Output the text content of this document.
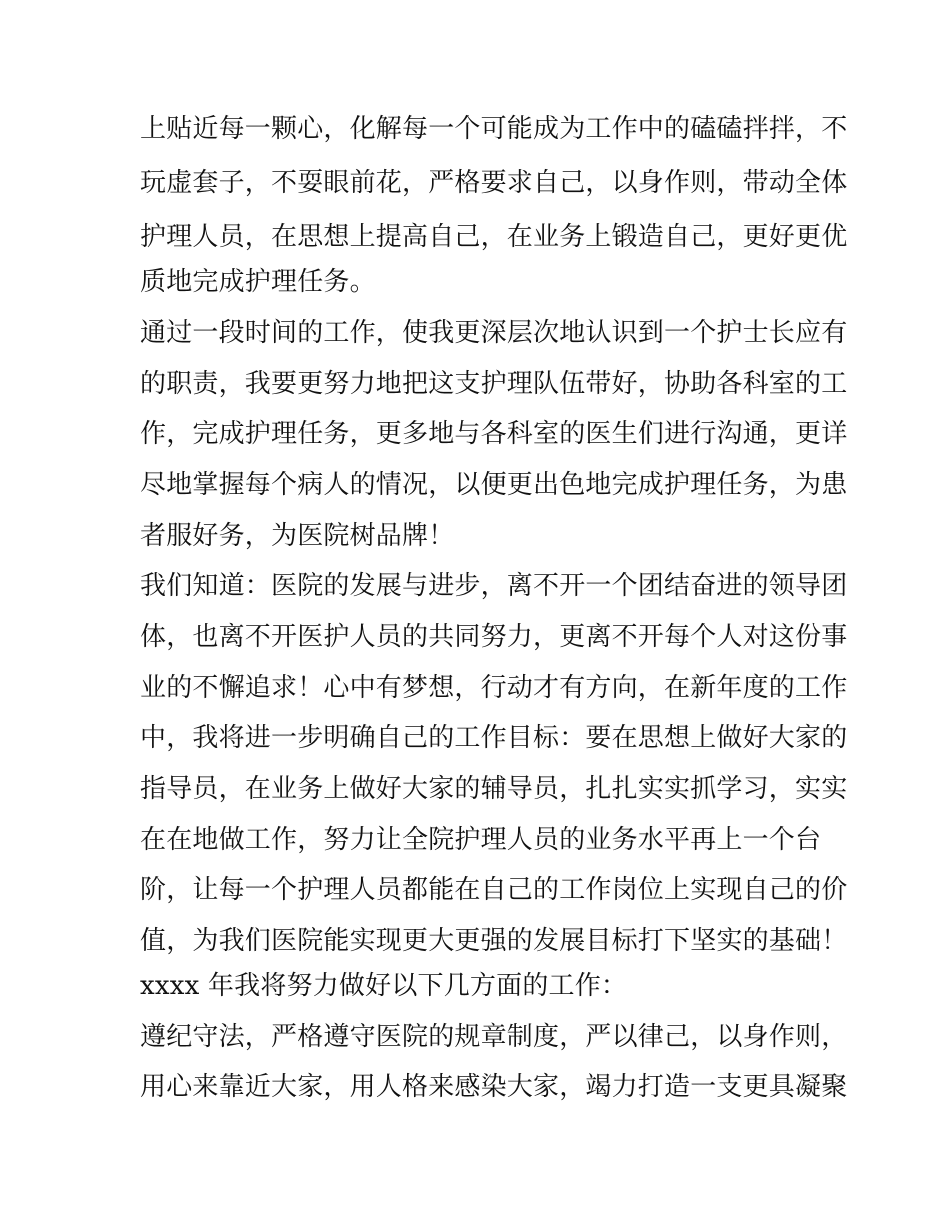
上贴近每一颗心，化解每一个可能成为工作中的磕磕拌拌，不
玩虚套子，不耍眼前花，严格要求自己，以身作则，带动全体
护理人员，在思想上提高自己，在业务上锻造自己，更好更优
质地完成护理任务。
通过一段时间的工作，使我更深层次地认识到一个护士长应有
的职责，我要更努力地把这支护理队伍带好，协助各科室的工
作，完成护理任务，更多地与各科室的医生们进行沟通，更详
尽地掌握每个病人的情况，以便更出色地完成护理任务，为患
者服好务，为医院树品牌！
我们知道：医院的发展与进步，离不开一个团结奋进的领导团
体，也离不开医护人员的共同努力，更离不开每个人对这份事
业的不懈追求！心中有梦想，行动才有方向，在新年度的工作
中，我将进一步明确自己的工作目标：要在思想上做好大家的
指导员，在业务上做好大家的辅导员，扎扎实实抓学习，实实
在在地做工作，努力让全院护理人员的业务水平再上一个台
阶，让每一个护理人员都能在自己的工作岗位上实现自己的价
值，为我们医院能实现更大更强的发展目标打下坚实的基础！
xxxx 年我将努力做好以下几方面的工作：
遵纪守法，严格遵守医院的规章制度，严以律己，以身作则，
用心来靠近大家，用人格来感染大家，竭力打造一支更具凝聚
